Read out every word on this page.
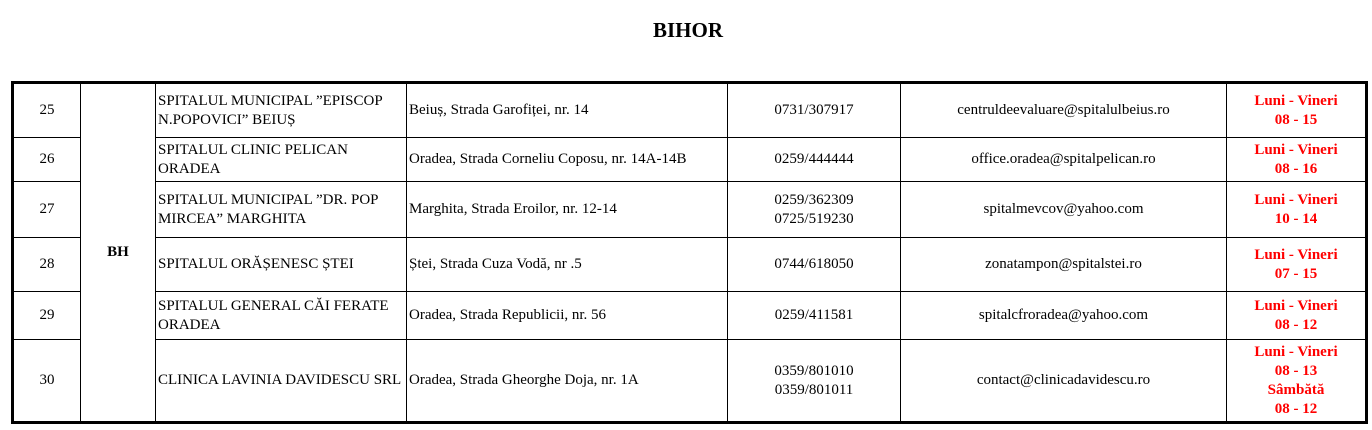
BIHOR
25	BH	SPITALUL MUNICIPAL ”EPISCOP N.POPOVICI” BEIUȘ	Beiuș, Strada Garofiței, nr. 14	0731/307917	centruldeevaluare@spitalulbeius.ro	Luni - Vineri
08 - 15

26		SPITALUL CLINIC PELICAN ORADEA	Oradea, Strada Corneliu Coposu, nr. 14A-14B	0259/444444	office.oradea@spitalpelican.ro	Luni - Vineri
08 - 16

27		SPITALUL MUNICIPAL ”DR. POP MIRCEA” MARGHITA	Marghita, Strada Eroilor, nr. 12-14	0259/362309
0725/519230	spitalmevcov@yahoo.com	Luni - Vineri
10 - 14

28		SPITALUL ORĂȘENESC ȘTEI	Ștei, Strada Cuza Vodă, nr .5	0744/618050	zonatampon@spitalstei.ro	Luni - Vineri
07 - 15

29		SPITALUL GENERAL CĂI FERATE ORADEA	Oradea, Strada Republicii, nr. 56	0259/411581	spitalcfroradea@yahoo.com	Luni - Vineri
08 - 12

30		CLINICA LAVINIA DAVIDESCU SRL	Oradea, Strada Gheorghe Doja, nr. 1A	0359/801010
0359/801011	contact@clinicadavidescu.ro	Luni - Vineri
08 - 13
Sâmbătă
08 - 12
